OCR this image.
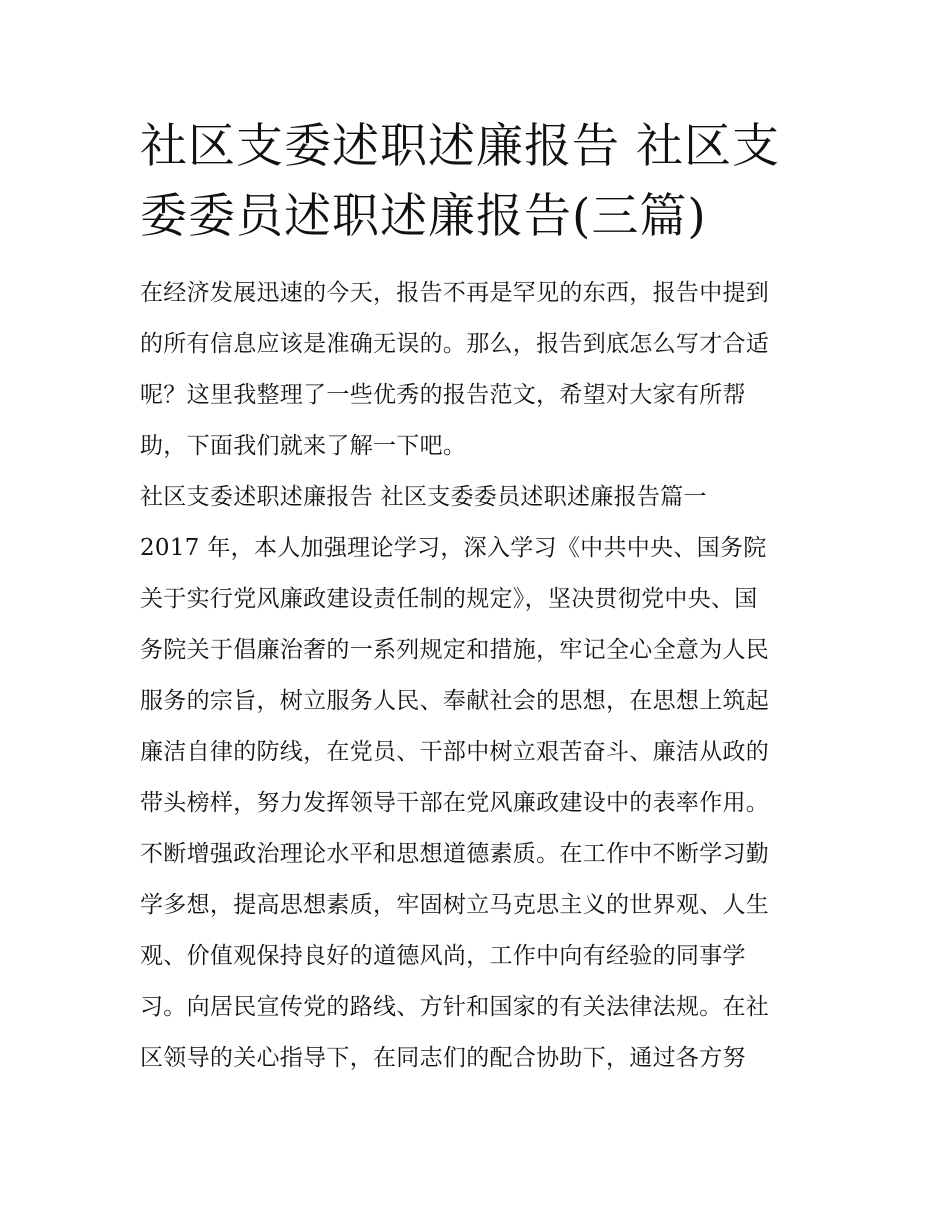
社区支委述职述廉报告 社区支
委委员述职述廉报告(三篇)
在经济发展迅速的今天，报告不再是罕见的东西，报告中提到
的所有信息应该是准确无误的。那么，报告到底怎么写才合适
呢？这里我整理了一些优秀的报告范文，希望对大家有所帮
助，下面我们就来了解一下吧。
社区支委述职述廉报告 社区支委委员述职述廉报告篇一
2017 年，本人加强理论学习，深入学习《中共中央、国务院
关于实行党风廉政建设责任制的规定》，坚决贯彻党中央、国
务院关于倡廉治奢的一系列规定和措施，牢记全心全意为人民
服务的宗旨，树立服务人民、奉献社会的思想，在思想上筑起
廉洁自律的防线，在党员、干部中树立艰苦奋斗、廉洁从政的
带头榜样，努力发挥领导干部在党风廉政建设中的表率作用。
不断增强政治理论水平和思想道德素质。在工作中不断学习勤
学多想，提高思想素质，牢固树立马克思主义的世界观、人生
观、价值观保持良好的道德风尚，工作中向有经验的同事学
习。向居民宣传党的路线、方针和国家的有关法律法规。在社
区领导的关心指导下，在同志们的配合协助下，通过各方努
